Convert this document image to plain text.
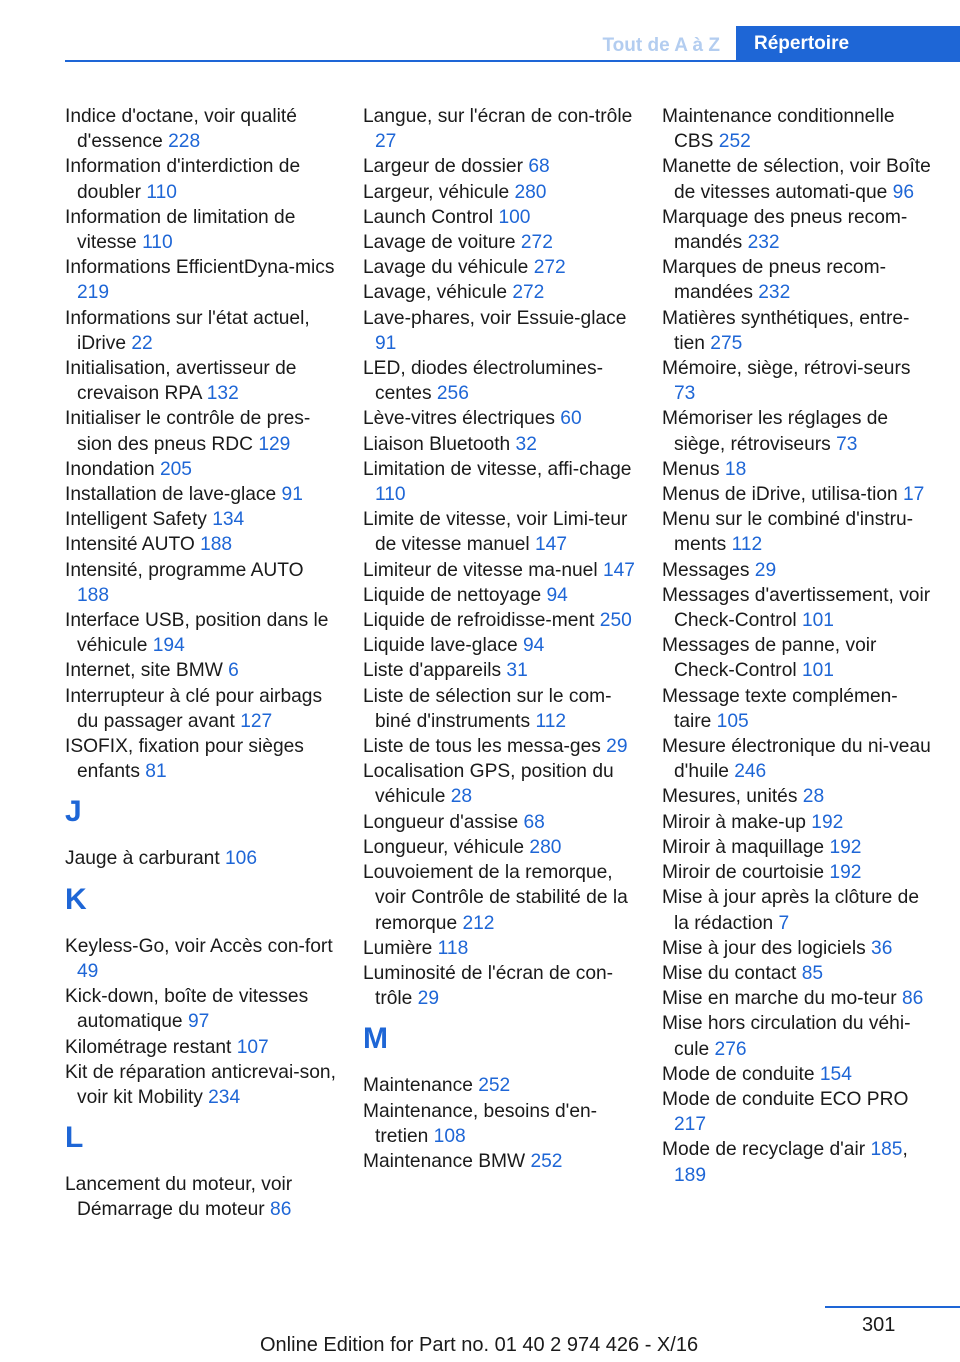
Tout de A à Z	Répertoire
Indice d'octane, voir qualité d'essence 228
Information d'interdiction de doubler 110
Information de limitation de vitesse 110
Informations EfficientDyna‐mics 219
Informations sur l'état actuel, iDrive 22
Initialisation, avertisseur de crevaison RPA 132
Initialiser le contrôle de pres‐sion des pneus RDC 129
Inondation 205
Installation de lave-glace 91
Intelligent Safety 134
Intensité AUTO 188
Intensité, programme AUTO 188
Interface USB, position dans le véhicule 194
Internet, site BMW 6
Interrupteur à clé pour airbags du passager avant 127
ISOFIX, fixation pour sièges enfants 81
J
Jauge à carburant 106
K
Keyless-Go, voir Accès con‐fort 49
Kick-down, boîte de vitesses automatique 97
Kilométrage restant 107
Kit de réparation anticrevai‐son, voir kit Mobility 234
L
Lancement du moteur, voir Démarrage du moteur 86
Langue, sur l'écran de con‐trôle 27
Largeur de dossier 68
Largeur, véhicule 280
Launch Control 100
Lavage de voiture 272
Lavage du véhicule 272
Lavage, véhicule 272
Lave-phares, voir Essuie-glace 91
LED, diodes électrolumines‐centes 256
Lève-vitres électriques 60
Liaison Bluetooth 32
Limitation de vitesse, affi‐chage 110
Limite de vitesse, voir Limi‐teur de vitesse manuel 147
Limiteur de vitesse ma‐nuel 147
Liquide de nettoyage 94
Liquide de refroidisse‐ment 250
Liquide lave-glace 94
Liste d'appareils 31
Liste de sélection sur le com‐biné d'instruments 112
Liste de tous les messa‐ges 29
Localisation GPS, position du véhicule 28
Longueur d'assise 68
Longueur, véhicule 280
Louvoiement de la remorque, voir Contrôle de stabilité de la remorque 212
Lumière 118
Luminosité de l'écran de con‐trôle 29
M
Maintenance 252
Maintenance, besoins d'en‐tretien 108
Maintenance BMW 252
Maintenance conditionnelle CBS 252
Manette de sélection, voir Boîte de vitesses automati‐que 96
Marquage des pneus recom‐mandés 232
Marques de pneus recom‐mandées 232
Matières synthétiques, entre‐tien 275
Mémoire, siège, rétrovi‐seurs 73
Mémoriser les réglages de siège, rétroviseurs 73
Menus 18
Menus de iDrive, utilisa‐tion 17
Menu sur le combiné d'instru‐ments 112
Messages 29
Messages d'avertissement, voir Check-Control 101
Messages de panne, voir Check-Control 101
Message texte complémen‐taire 105
Mesure électronique du ni‐veau d'huile 246
Mesures, unités 28
Miroir à make-up 192
Miroir à maquillage 192
Miroir de courtoisie 192
Mise à jour après la clôture de la rédaction 7
Mise à jour des logiciels 36
Mise du contact 85
Mise en marche du mo‐teur 86
Mise hors circulation du véhi‐cule 276
Mode de conduite 154
Mode de conduite ECO PRO 217
Mode de recyclage d'air 185, 189
301
Online Edition for Part no. 01 40 2 974 426 - X/16
